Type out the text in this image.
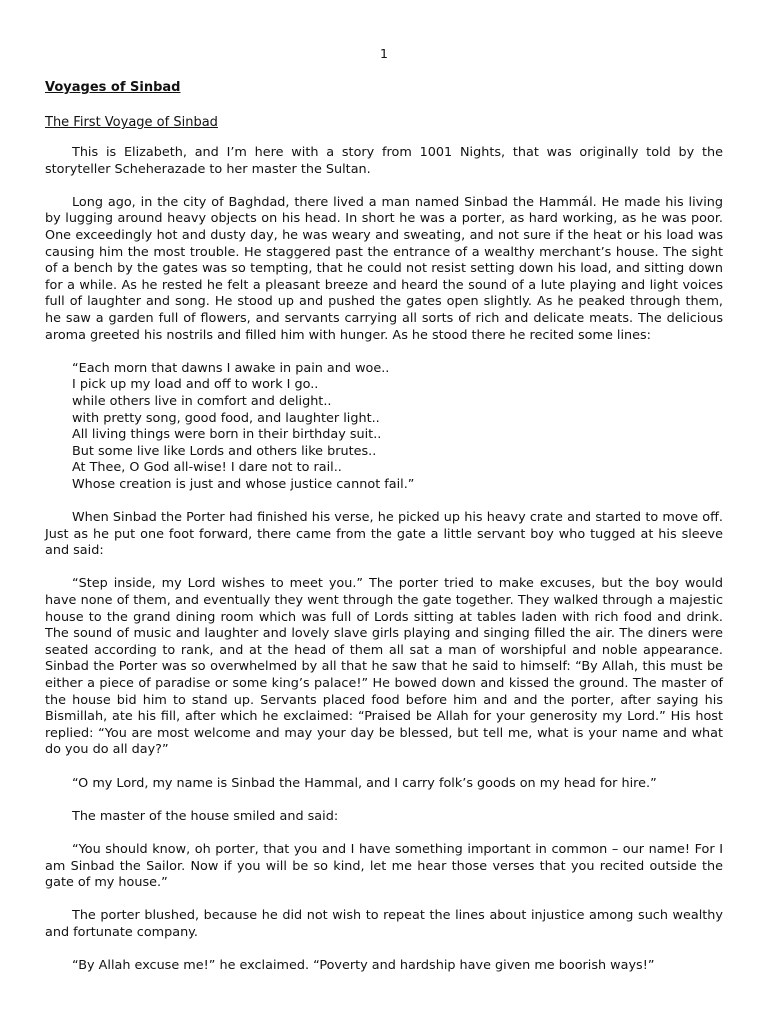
1
Voyages of Sinbad
The First Voyage of Sinbad

This is Elizabeth, and I’m here with a story from 1001 Nights, that was originally told by the storyteller Scheherazade to her master the Sultan.

Long ago, in the city of Baghdad, there lived a man named Sinbad the Hammál. He made his living by lugging around heavy objects on his head. In short he was a porter, as hard working, as he was poor. One exceedingly hot and dusty day, he was weary and sweating, and not sure if the heat or his load was causing him the most trouble. He staggered past the entrance of a wealthy merchant’s house. The sight of a bench by the gates was so tempting, that he could not resist setting down his load, and sitting down for a while. As he rested he felt a pleasant breeze and heard the sound of a lute playing and light voices full of laughter and song. He stood up and pushed the gates open slightly. As he peaked through them, he saw a garden full of flowers, and servants carrying all sorts of rich and delicate meats. The delicious aroma greeted his nostrils and filled him with hunger. As he stood there he recited some lines:

“Each morn that dawns I awake in pain and woe..
I pick up my load and off to work I go..
while others live in comfort and delight..
with pretty song, good food, and laughter light..
All living things were born in their birthday suit..
But some live like Lords and others like brutes..
At Thee, O God all-wise! I dare not to rail..
Whose creation is just and whose justice cannot fail.”

When Sinbad the Porter had finished his verse, he picked up his heavy crate and started to move off. Just as he put one foot forward, there came from the gate a little servant boy who tugged at his sleeve and said:

“Step inside, my Lord wishes to meet you.” The porter tried to make excuses, but the boy would have none of them, and eventually they went through the gate together. They walked through a majestic house to the grand dining room which was full of Lords sitting at tables laden with rich food and drink. The sound of music and laughter and lovely slave girls playing and singing filled the air. The diners were seated according to rank, and at the head of them all sat a man of worshipful and noble appearance. Sinbad the Porter was so overwhelmed by all that he saw that he said to himself: “By Allah, this must be either a piece of paradise or some king’s palace!” He bowed down and kissed the ground. The master of the house bid him to stand up. Servants placed food before him and and the porter, after saying his Bismillah, ate his fill, after which he exclaimed: “Praised be Allah for your generosity my Lord.” His host replied: “You are most welcome and may your day be blessed, but tell me, what is your name and what do you do all day?”

“O my Lord, my name is Sinbad the Hammal, and I carry folk’s goods on my head for hire.”

The master of the house smiled and said:

“You should know, oh porter, that you and I have something important in common – our name! For I am Sinbad the Sailor. Now if you will be so kind, let me hear those verses that you recited outside the gate of my house.”

The porter blushed, because he did not wish to repeat the lines about injustice among such wealthy and fortunate company.

“By Allah excuse me!” he exclaimed. “Poverty and hardship have given me boorish ways!”
